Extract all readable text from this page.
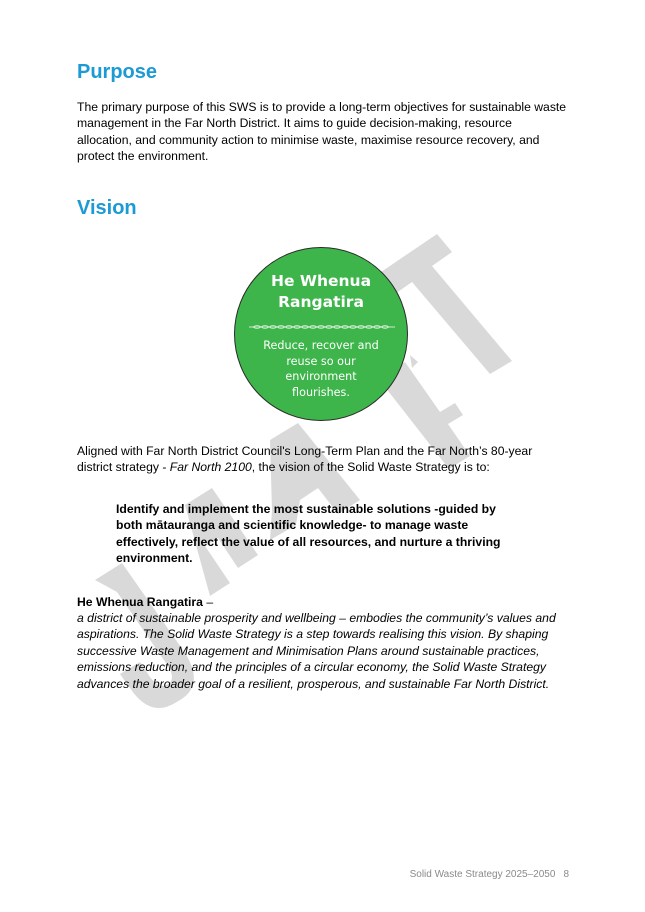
Purpose

The primary purpose of this SWS is to provide a long-term objectives for sustainable waste management in the Far North District. It aims to guide decision-making, resource allocation, and community action to minimise waste, maximise resource recovery, and protect the environment.

Vision
He Whenua Rangatira
Reduce, recover and reuse so our environment flourishes.

Aligned with Far North District Council's Long-Term Plan and the Far North’s 80-year district strategy - Far North 2100, the vision of the Solid Waste Strategy is to:

Identify and implement the most sustainable solutions -guided by both mātauranga and scientific knowledge- to manage waste effectively, reflect the value of all resources, and nurture a thriving environment.

He Whenua Rangatira –

a district of sustainable prosperity and wellbeing – embodies the community’s values and aspirations. The Solid Waste Strategy is a step towards realising this vision. By shaping successive Waste Management and Minimisation Plans around sustainable practices, emissions reduction, and the principles of a circular economy, the Solid Waste Strategy advances the broader goal of a resilient, prosperous, and sustainable Far North District.

Solid Waste Strategy 2025–2050 8
